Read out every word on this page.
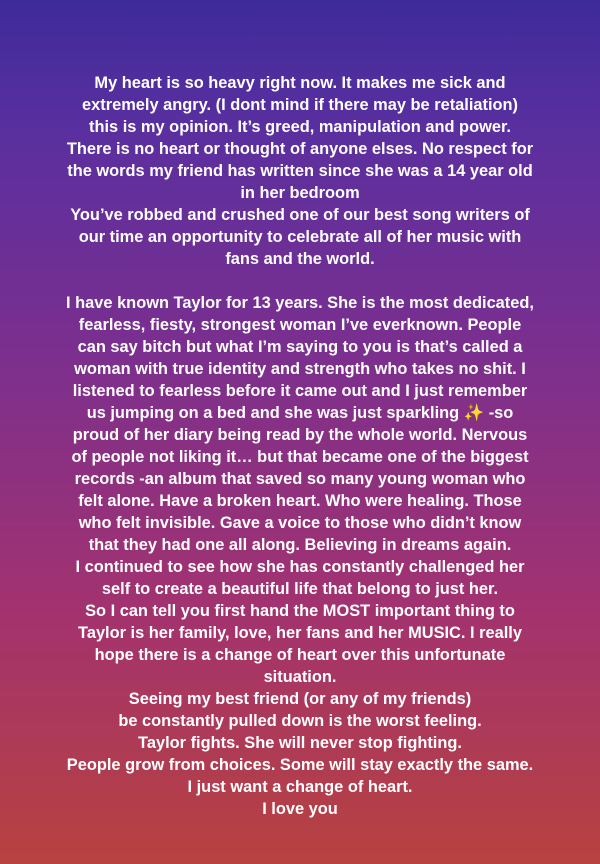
My heart is so heavy right now. It makes me sick and
extremely angry. (I dont mind if there may be retaliation)
this is my opinion. It’s greed, manipulation and power.
There is no heart or thought of anyone elses. No respect for
the words my friend has written since she was a 14 year old
in her bedroom
You’ve robbed and crushed one of our best song writers of
our time an opportunity to celebrate all of her music with
fans and the world.
I have known Taylor for 13 years. She is the most dedicated,
fearless, fiesty, strongest woman I’ve everknown. People
can say bitch but what I’m saying to you is that’s called a
woman with true identity and strength who takes no shit. I
listened to fearless before it came out and I just remember
us jumping on a bed and she was just sparkling ✨ -so
proud of her diary being read by the whole world. Nervous
of people not liking it… but that became one of the biggest
records -an album that saved so many young woman who
felt alone. Have a broken heart. Who were healing. Those
who felt invisible. Gave a voice to those who didn’t know
that they had one all along. Believing in dreams again.
I continued to see how she has constantly challenged her
self to create a beautiful life that belong to just her.
So I can tell you first hand the MOST important thing to
Taylor is her family, love, her fans and her MUSIC. I really
hope there is a change of heart over this unfortunate
situation.
Seeing my best friend (or any of my friends)
be constantly pulled down is the worst feeling.
Taylor fights. She will never stop fighting.
People grow from choices. Some will stay exactly the same.
I just want a change of heart.
I love you
